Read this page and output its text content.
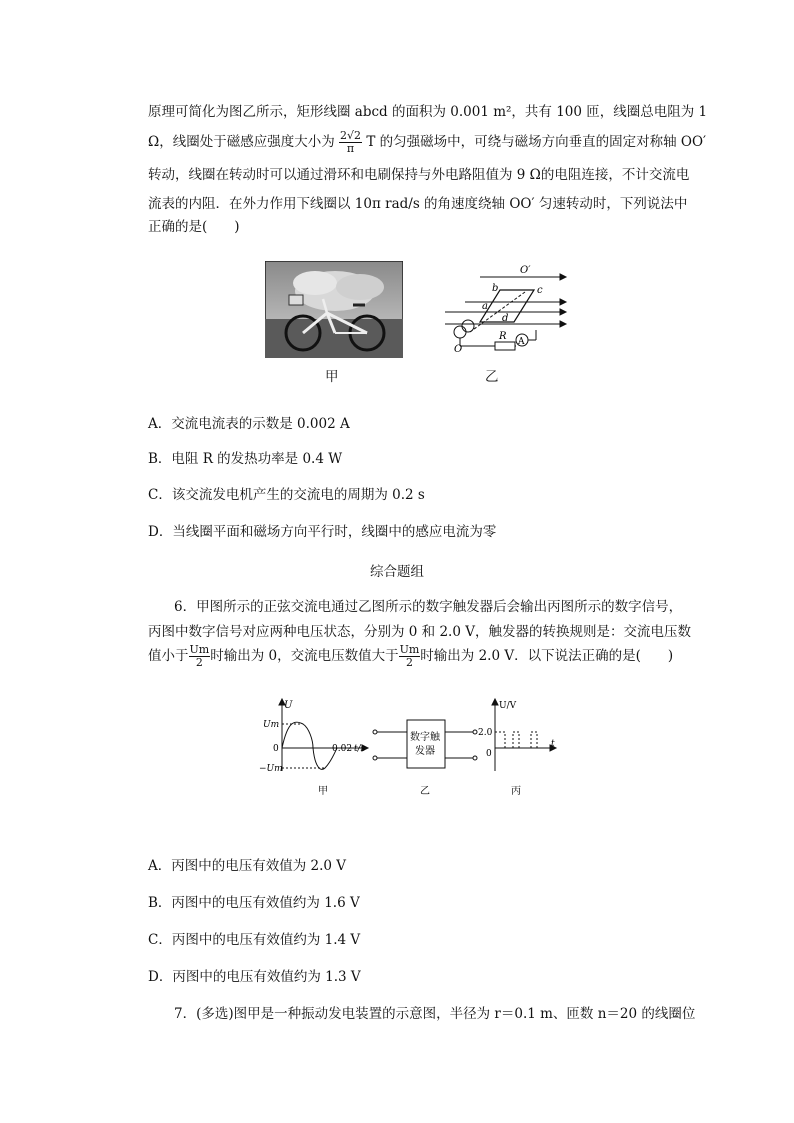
原理可简化为图乙所示，矩形线圈 abcd 的面积为 0.001 m²，共有 100 匝，线圈总电阻为 1
Ω，线圈处于磁感应强度大小为 $\frac{2√2}{\pi}$ T 的匀强磁场中，可绕与磁场方向垂直的固定对称轴 OO′
转动，线圈在转动时可以通过滑环和电刷保持与外电路阻值为 9 Ω的电阻连接，不计交流电
流表的内阻．在外力作用下线圈以 10π rad/s 的角速度绕轴 OO′ 匀速转动时，下列说法中
正确的是(　　)
甲
O′
b	c
a
d
O
R A
乙
A．交流电流表的示数是 0.002 A
B．电阻 R 的发热功率是 0.4 W
C．该交流发电机产生的交流电的周期为 0.2 s
D．当线圈平面和磁场方向平行时，线圈中的感应电流为零
综合题组
6．甲图所示的正弦交流电通过乙图所示的数字触发器后会输出丙图所示的数字信号，
丙图中数字信号对应两种电压状态，分别为 0 和 2.0 V，触发器的转换规则是：交流电压数
值小于 $\frac{Um}{2}$ 时输出为 0，交流电压数值大于 $\frac{Um}{2}$ 时输出为 2.0 V．以下说法正确的是(　　)
U
Um
0
−Um
0.02 t/s
甲
数字触
发器
乙
U/V
2.0
0
t
丙
A．丙图中的电压有效值为 2.0 V
B．丙图中的电压有效值约为 1.6 V
C．丙图中的电压有效值约为 1.4 V
D．丙图中的电压有效值约为 1.3 V
7．(多选)图甲是一种振动发电装置的示意图，半径为 r＝0.1 m、匝数 n＝20 的线圈位
